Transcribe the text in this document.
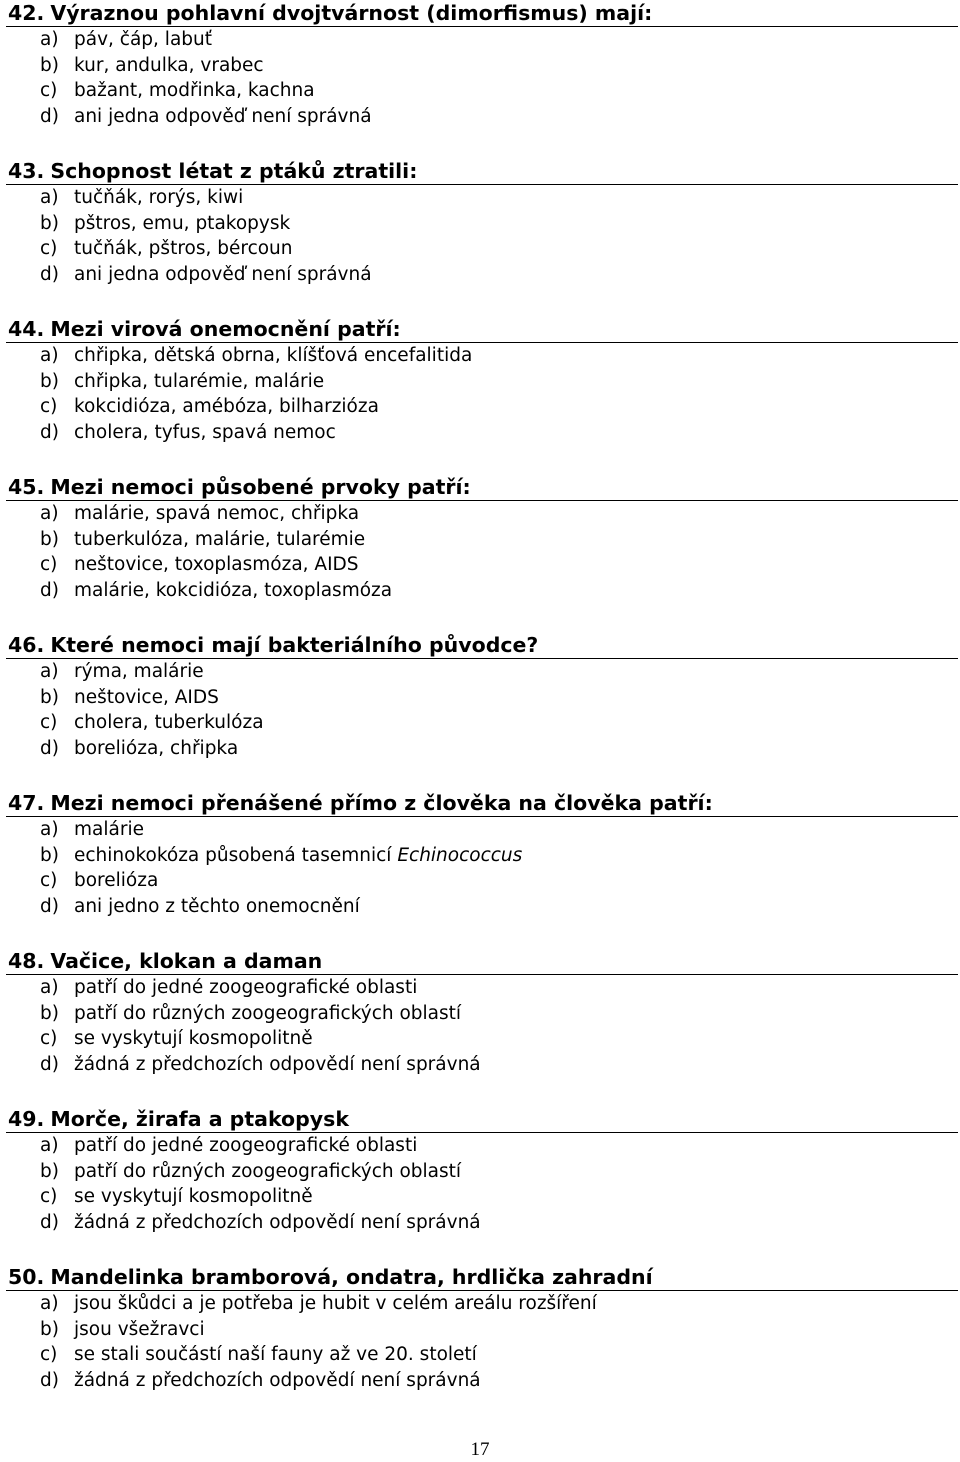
42. Výraznou pohlavní dvojtvárnost (dimorfismus) mají:
a) páv, čáp, labuť
b) kur, andulka, vrabec
c) bažant, modřinka, kachna
d) ani jedna odpověď není správná
43. Schopnost létat z ptáků ztratili:
a) tučňák, rorýs, kiwi
b) pštros, emu, ptakopysk
c) tučňák, pštros, bércoun
d) ani jedna odpověď není správná
44. Mezi virová onemocnění patří:
a) chřipka, dětská obrna, klíšťová encefalitida
b) chřipka, tularémie, malárie
c) kokcidióza, amébóza, bilharzióza
d) cholera, tyfus, spavá nemoc
45. Mezi nemoci působené prvoky patří:
a) malárie, spavá nemoc, chřipka
b) tuberkulóza, malárie, tularémie
c) neštovice, toxoplasmóza, AIDS
d) malárie, kokcidióza, toxoplasmóza
46. Které nemoci mají bakteriálního původce?
a) rýma, malárie
b) neštovice, AIDS
c) cholera, tuberkulóza
d) borelióza, chřipka
47. Mezi nemoci přenášené přímo z člověka na člověka patří:
a) malárie
b) echinokokóza působená tasemnicí Echinococcus
c) borelióza
d) ani jedno z těchto onemocnění
48. Vačice, klokan a daman
a) patří do jedné zoogeografické oblasti
b) patří do různých zoogeografických oblastí
c) se vyskytují kosmopolitně
d) žádná z předchozích odpovědí není správná
49. Morče, žirafa a ptakopysk
a) patří do jedné zoogeografické oblasti
b) patří do různých zoogeografických oblastí
c) se vyskytují kosmopolitně
d) žádná z předchozích odpovědí není správná
50. Mandelinka bramborová, ondatra, hrdlička zahradní
a) jsou škůdci a je potřeba je hubit v celém areálu rozšíření
b) jsou všežravci
c) se stali součástí naší fauny až ve 20. století
d) žádná z předchozích odpovědí není správná
17
